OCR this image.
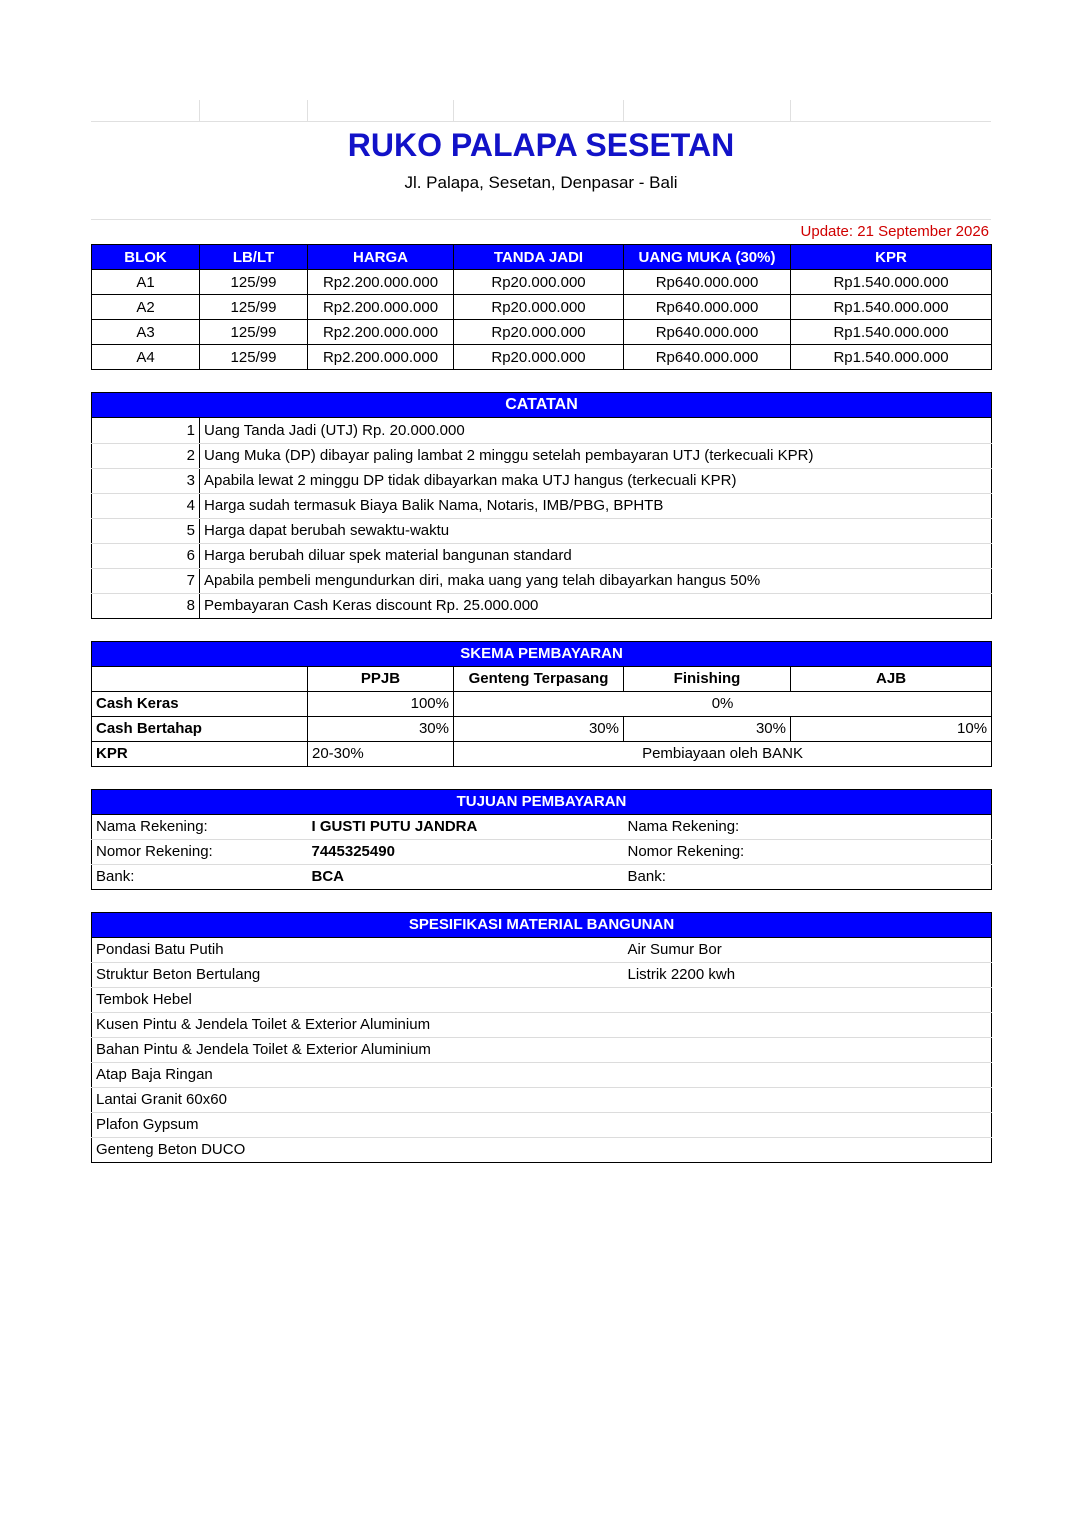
RUKO PALAPA SESETAN
Jl. Palapa, Sesetan, Denpasar - Bali
Update: 21 September 2026
BLOK	LB/LT	HARGA	TANDA JADI	UANG MUKA (30%)	KPR
A1	125/99	Rp2.200.000.000	Rp20.000.000	Rp640.000.000	Rp1.540.000.000
A2	125/99	Rp2.200.000.000	Rp20.000.000	Rp640.000.000	Rp1.540.000.000
A3	125/99	Rp2.200.000.000	Rp20.000.000	Rp640.000.000	Rp1.540.000.000
A4	125/99	Rp2.200.000.000	Rp20.000.000	Rp640.000.000	Rp1.540.000.000
CATATAN
1	Uang Tanda Jadi (UTJ) Rp. 20.000.000
2	Uang Muka (DP) dibayar paling lambat 2 minggu setelah pembayaran UTJ (terkecuali KPR)
3	Apabila lewat 2 minggu DP tidak dibayarkan maka UTJ hangus (terkecuali KPR)
4	Harga sudah termasuk Biaya Balik Nama, Notaris, IMB/PBG, BPHTB
5	Harga dapat berubah sewaktu-waktu
6	Harga berubah diluar spek material bangunan standard
7	Apabila pembeli mengundurkan diri, maka uang yang telah dibayarkan hangus 50%
8	Pembayaran Cash Keras discount Rp. 25.000.000
SKEMA PEMBAYARAN				
	PPJB	Genteng Terpasang	Finishing	AJB
Cash Keras	100%	0%		
Cash Bertahap	30%	30%	30%	10%
KPR	20-30%	Pembiayaan oleh BANK		
TUJUAN PEMBAYARAN			
Nama Rekening:	I GUSTI PUTU JANDRA	Nama Rekening:	
Nomor Rekening:	7445325490	Nomor Rekening:	
Bank:	BCA	Bank:	
SPESIFIKASI MATERIAL BANGUNAN	
Pondasi Batu Putih	Air Sumur Bor
Struktur Beton Bertulang	Listrik 2200 kwh
Tembok Hebel	
Kusen Pintu & Jendela Toilet & Exterior Aluminium	
Bahan Pintu & Jendela Toilet & Exterior Aluminium	
Atap Baja Ringan	
Lantai Granit 60x60	
Plafon Gypsum	
Genteng Beton DUCO	
